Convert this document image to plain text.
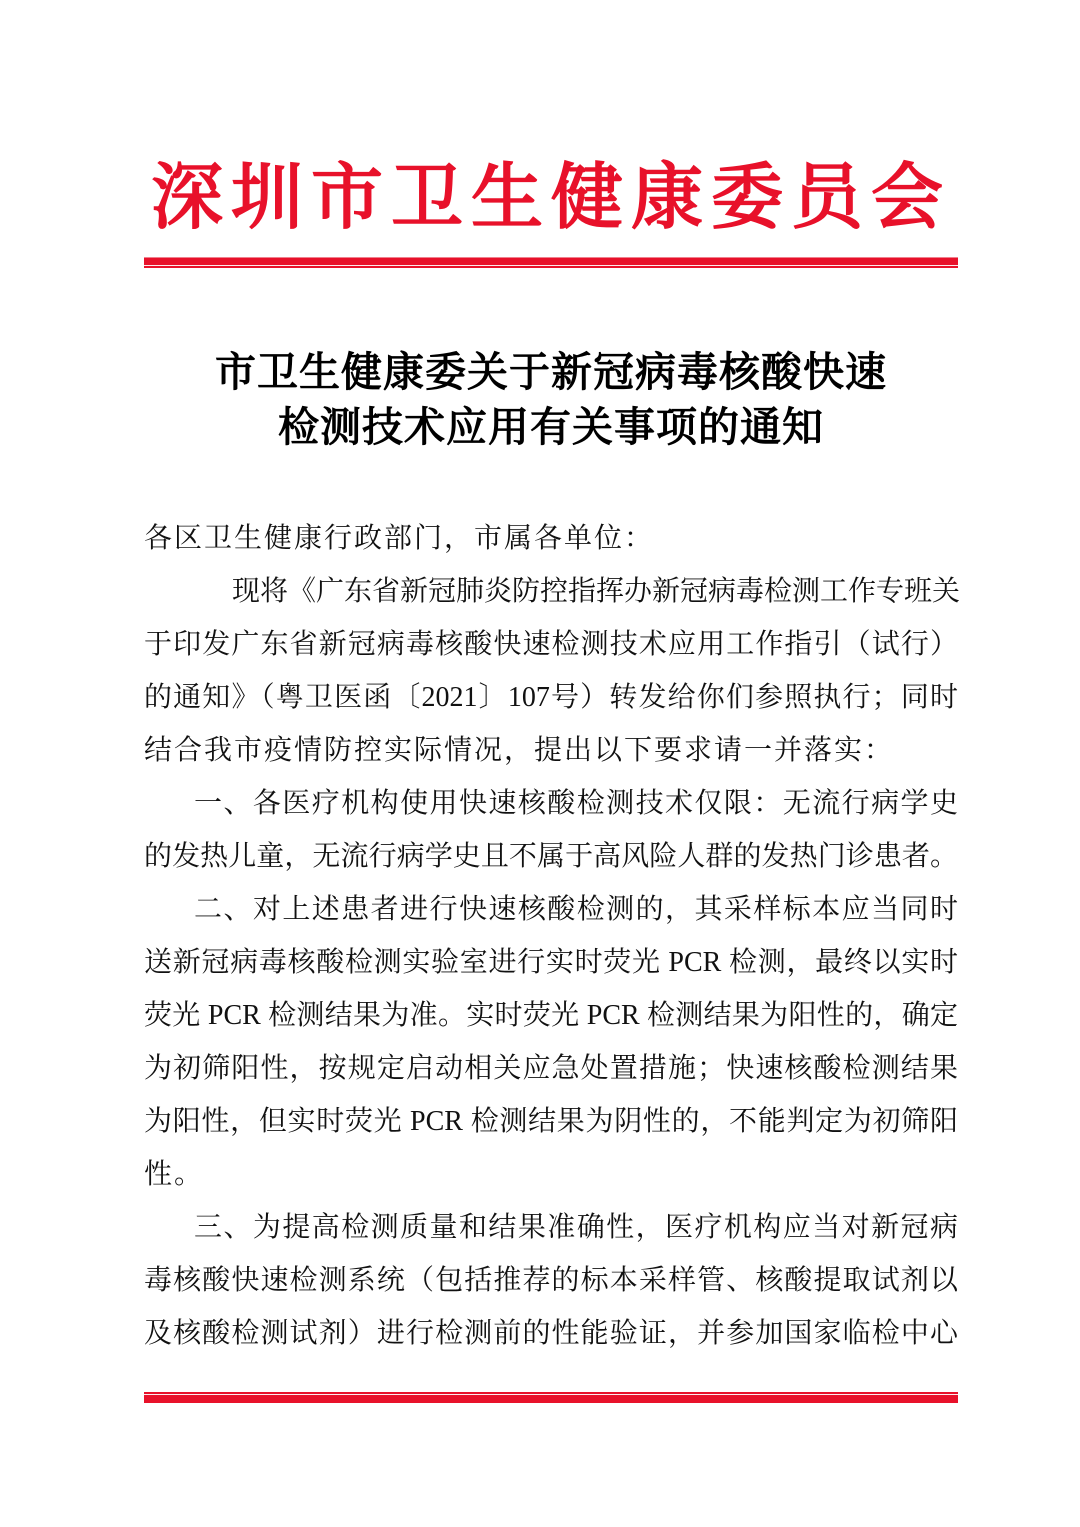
深圳市卫生健康委员会
市卫生健康委关于新冠病毒核酸快速
检测技术应用有关事项的通知
各区卫生健康行政部门，市属各单位：
现将《广东省新冠肺炎防控指挥办新冠病毒检测工作专班关
于印发广东省新冠病毒核酸快速检测技术应用工作指引（试行）
的通知》（粤卫医函〔2021〕107号）转发给你们参照执行；同时
结合我市疫情防控实际情况，提出以下要求请一并落实：
一、各医疗机构使用快速核酸检测技术仅限：无流行病学史
的发热儿童，无流行病学史且不属于高风险人群的发热门诊患者。
二、对上述患者进行快速核酸检测的，其采样标本应当同时
送新冠病毒核酸检测实验室进行实时荧光 PCR 检测，最终以实时
荧光 PCR 检测结果为准。实时荧光 PCR 检测结果为阳性的，确定
为初筛阳性，按规定启动相关应急处置措施；快速核酸检测结果
为阳性，但实时荧光 PCR 检测结果为阴性的，不能判定为初筛阳
性。
三、为提高检测质量和结果准确性，医疗机构应当对新冠病
毒核酸快速检测系统（包括推荐的标本采样管、核酸提取试剂以
及核酸检测试剂）进行检测前的性能验证，并参加国家临检中心
